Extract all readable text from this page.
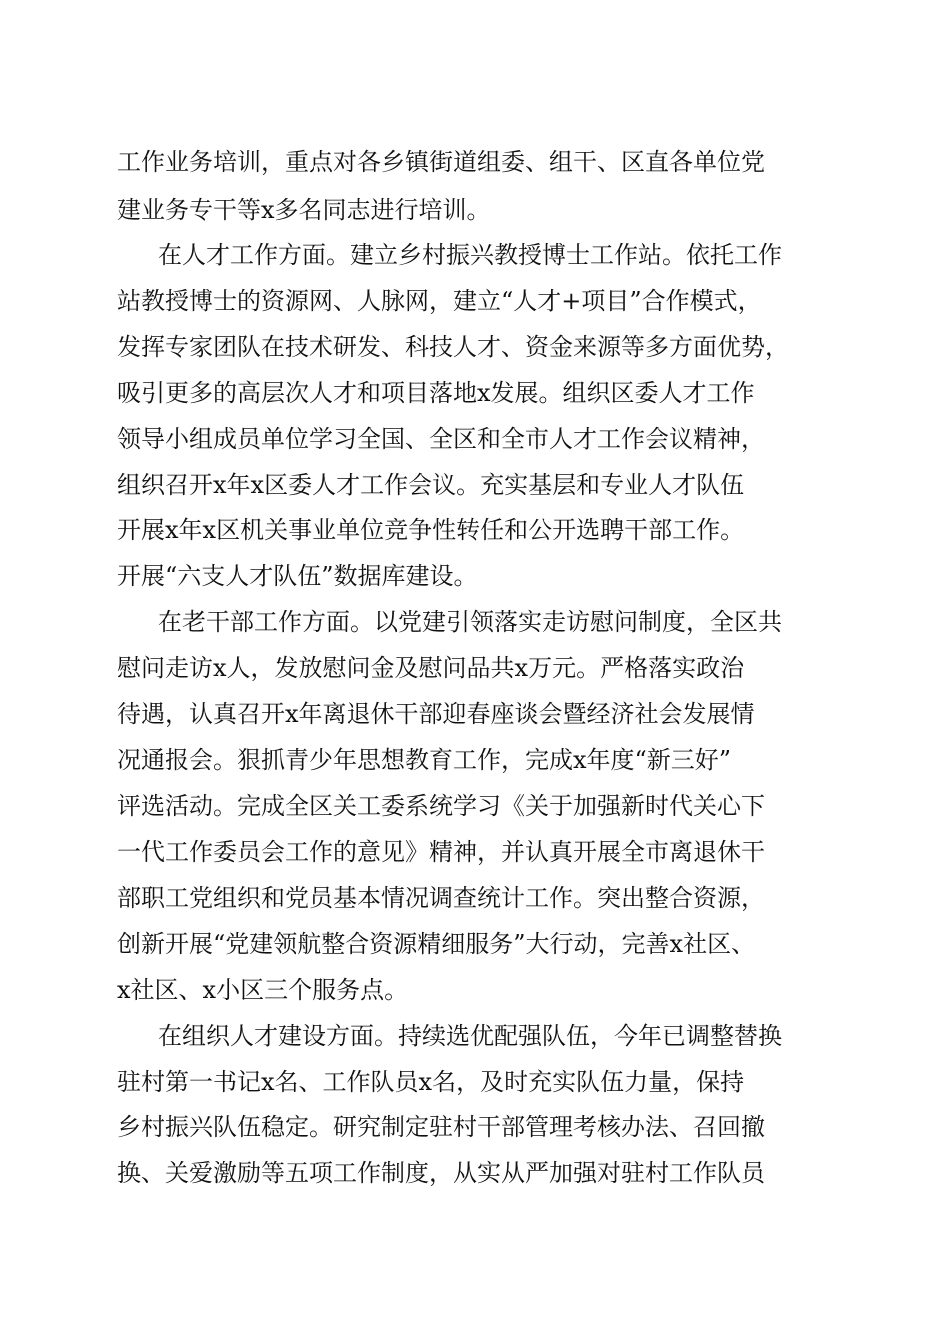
工作业务培训，重点对各乡镇街道组委、组干、区直各单位党
建业务专干等x多名同志进行培训。
在人才工作方面。建立乡村振兴教授博士工作站。依托工作
站教授博士的资源网、人脉网，建立“人才+项目”合作模式，
发挥专家团队在技术研发、科技人才、资金来源等多方面优势，
吸引更多的高层次人才和项目落地x发展。组织区委人才工作
领导小组成员单位学习全国、全区和全市人才工作会议精神，
组织召开x年x区委人才工作会议。充实基层和专业人才队伍
开展x年x区机关事业单位竞争性转任和公开选聘干部工作。
开展“六支人才队伍”数据库建设。
在老干部工作方面。以党建引领落实走访慰问制度，全区共
慰问走访x人，发放慰问金及慰问品共x万元。严格落实政治
待遇，认真召开x年离退休干部迎春座谈会暨经济社会发展情
况通报会。狠抓青少年思想教育工作，完成x年度“新三好”
评选活动。完成全区关工委系统学习《关于加强新时代关心下
一代工作委员会工作的意见》精神，并认真开展全市离退休干
部职工党组织和党员基本情况调查统计工作。突出整合资源，
创新开展“党建领航整合资源精细服务”大行动，完善x社区、
x社区、x小区三个服务点。
在组织人才建设方面。持续选优配强队伍，今年已调整替换
驻村第一书记x名、工作队员x名，及时充实队伍力量，保持
乡村振兴队伍稳定。研究制定驻村干部管理考核办法、召回撤
换、关爱激励等五项工作制度，从实从严加强对驻村工作队员
